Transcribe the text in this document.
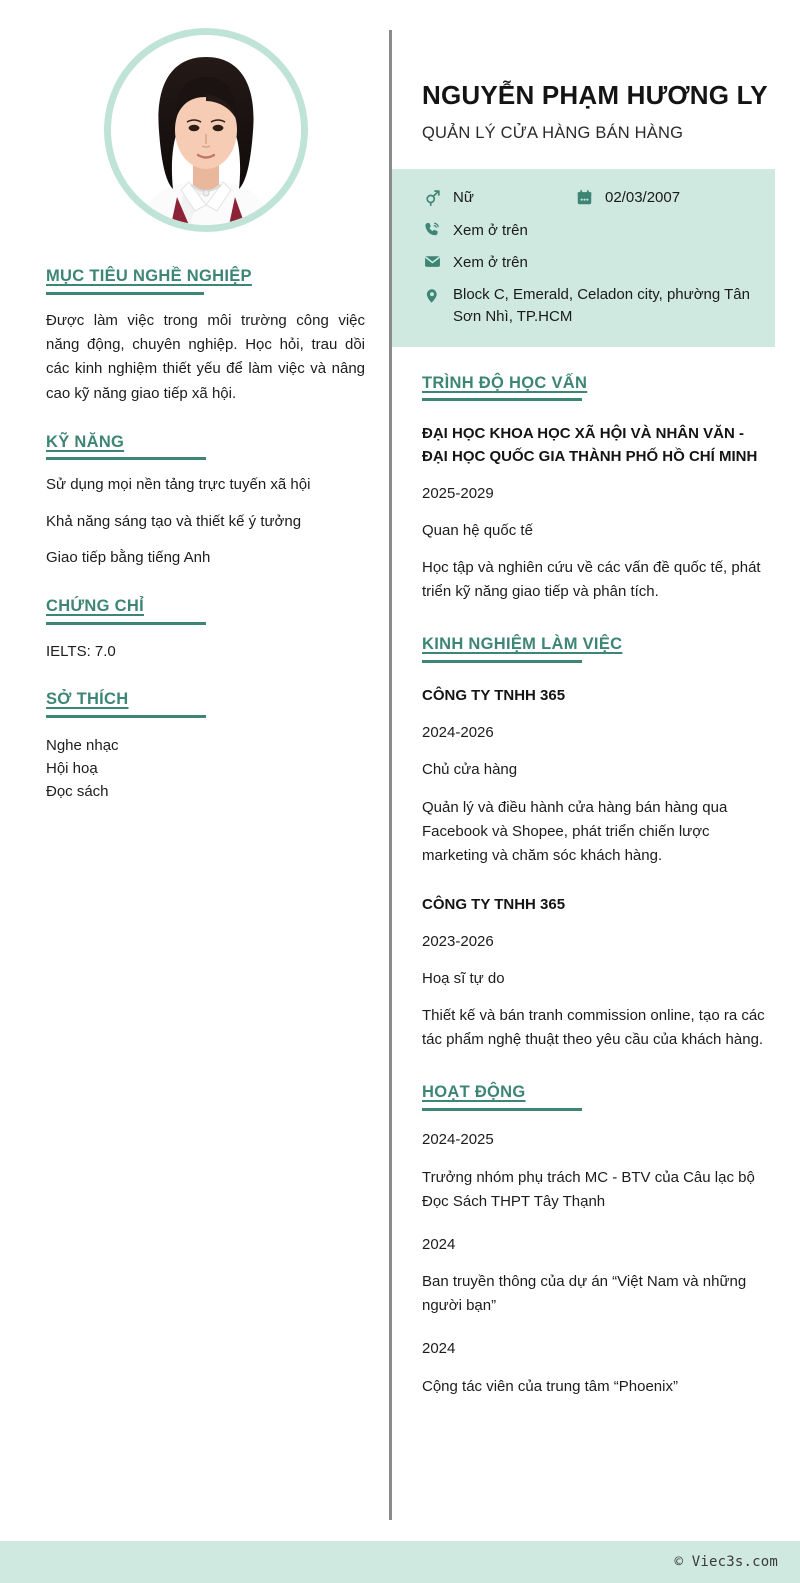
MỤC TIÊU NGHỀ NGHIỆP
Được làm việc trong môi trường công việc năng động, chuyên nghiệp. Học hỏi, trau dồi các kinh nghiệm thiết yếu để làm việc và nâng cao kỹ năng giao tiếp xã hội.
KỸ NĂNG
Sử dụng mọi nền tảng trực tuyến xã hội
Khả năng sáng tạo và thiết kế ý tưởng
Giao tiếp bằng tiếng Anh
CHỨNG CHỈ
IELTS: 7.0
SỞ THÍCH
Nghe nhạc
Hội hoạ
Đọc sách
NGUYỄN PHẠM HƯƠNG LY
QUẢN LÝ CỬA HÀNG BÁN HÀNG
Nữ	02/03/2007
Xem ở trên
Xem ở trên
Block C, Emerald, Celadon city, phường Tân Sơn Nhì, TP.HCM
TRÌNH ĐỘ HỌC VẤN
ĐẠI HỌC KHOA HỌC XÃ HỘI VÀ NHÂN VĂN - ĐẠI HỌC QUỐC GIA THÀNH PHỐ HỒ CHÍ MINH
2025-2029
Quan hệ quốc tế
Học tập và nghiên cứu về các vấn đề quốc tế, phát triển kỹ năng giao tiếp và phân tích.
KINH NGHIỆM LÀM VIỆC
CÔNG TY TNHH 365
2024-2026
Chủ cửa hàng
Quản lý và điều hành cửa hàng bán hàng qua Facebook và Shopee, phát triển chiến lược marketing và chăm sóc khách hàng.
CÔNG TY TNHH 365
2023-2026
Hoạ sĩ tự do
Thiết kế và bán tranh commission online, tạo ra các tác phẩm nghệ thuật theo yêu cầu của khách hàng.
HOẠT ĐỘNG
2024-2025
Trưởng nhóm phụ trách MC - BTV của Câu lạc bộ Đọc Sách THPT Tây Thạnh
2024
Ban truyền thông của dự án “Việt Nam và những người bạn”
2024
Cộng tác viên của trung tâm “Phoenix”
© Viec3s.com
